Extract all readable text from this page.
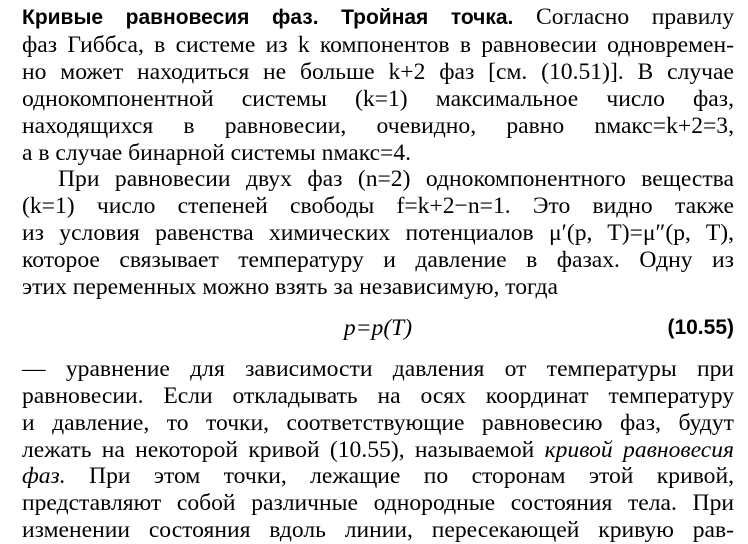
Кривые равновесия фаз. Тройная точка. Согласно правилу
фаз Гиббса, в системе из k компонентов в равновесии одновремен-
но может находиться не больше k+2 фаз [см. (10.51)]. В случае
однокомпонентной системы (k=1) максимальное число фаз,
находящихся в равновесии, очевидно, равно nмакс=k+2=3,
а в случае бинарной системы nмакс=4.
При равновесии двух фаз (n=2) однокомпонентного вещества
(k=1) число степеней свободы f=k+2−n=1. Это видно также
из условия равенства химических потенциалов μ′(p, T)=μ″(p, T),
которое связывает температуру и давление в фазах. Одну из
этих переменных можно взять за независимую, тогда
p=p(T)	(10.55)
— уравнение для зависимости давления от температуры при
равновесии. Если откладывать на осях координат температуру
и давление, то точки, соответствующие равновесию фаз, будут
лежать на некоторой кривой (10.55), называемой кривой равновесия
фаз. При этом точки, лежащие по сторонам этой кривой,
представляют собой различные однородные состояния тела. При
изменении состояния вдоль линии, пересекающей кривую рав-
